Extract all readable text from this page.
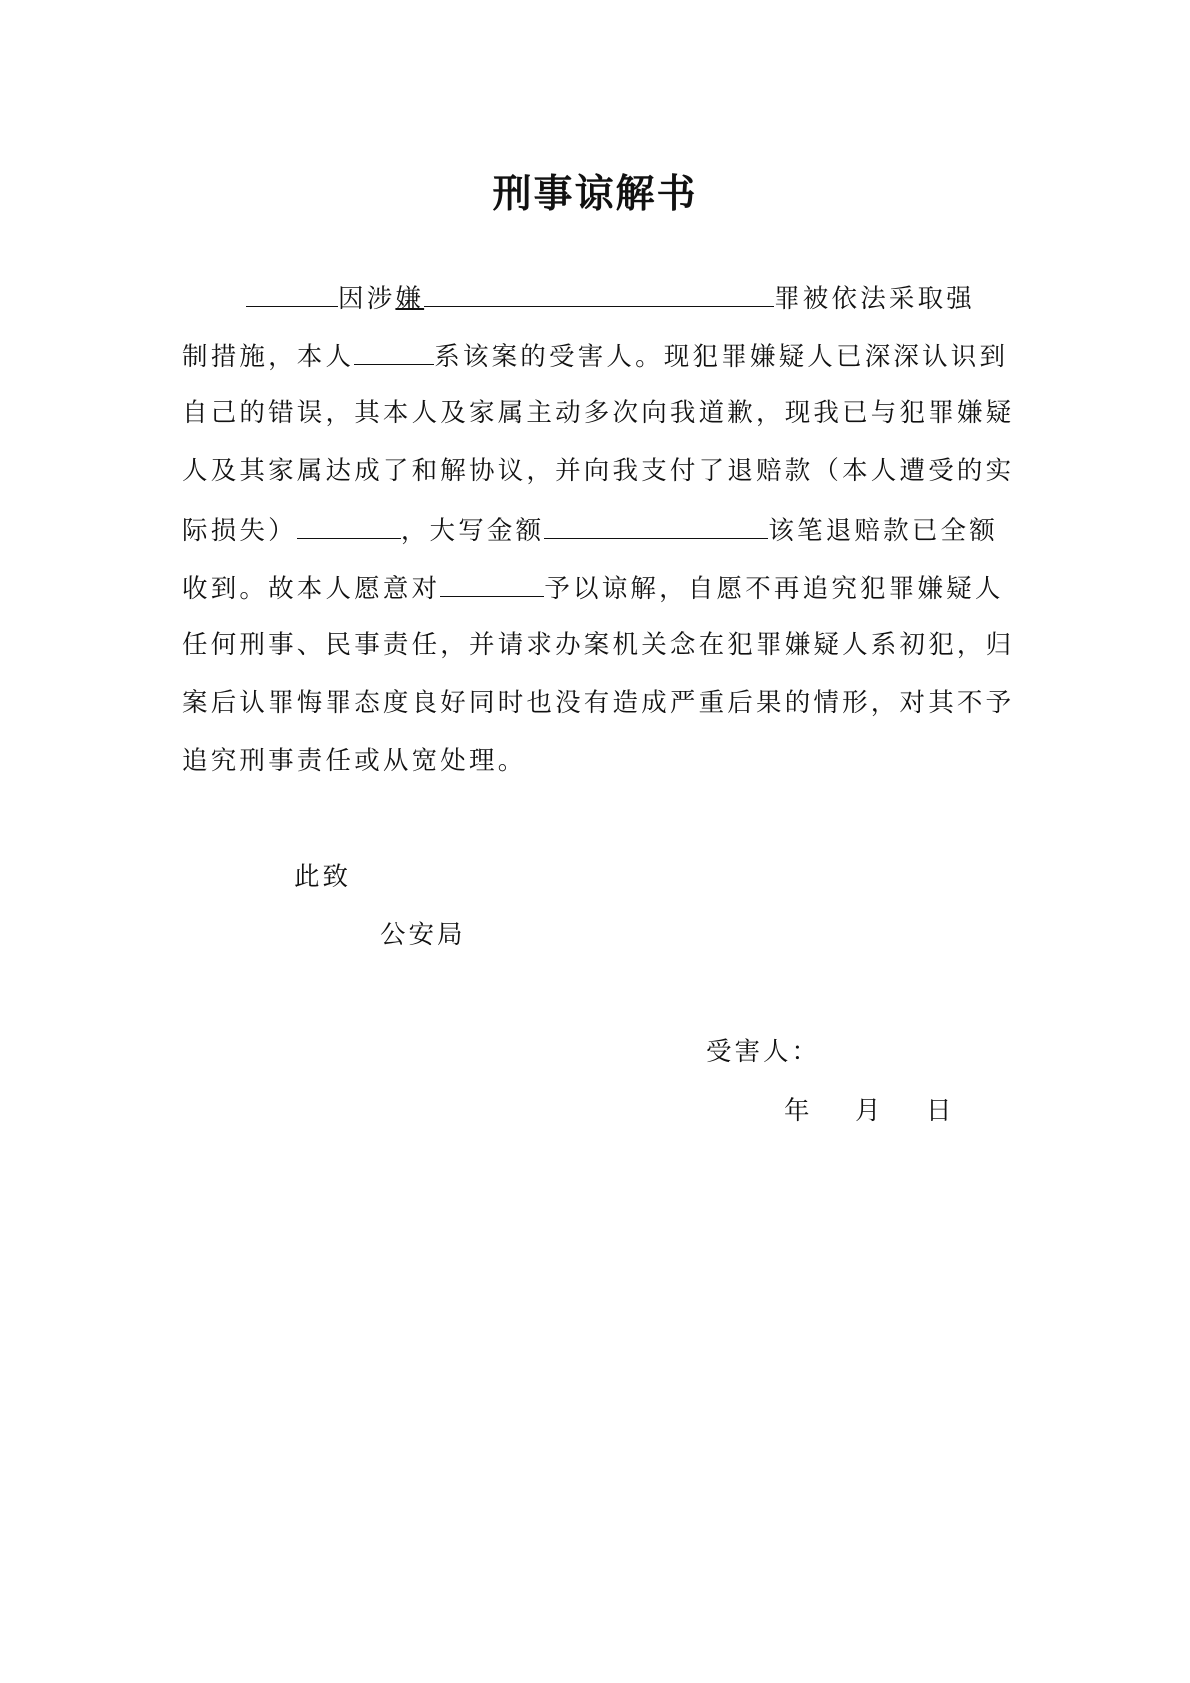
刑事谅解书
因涉嫌	罪被依法采取强
制措施，本人	系该案的受害人。现犯罪嫌疑人已深深认识到
自己的错误，其本人及家属主动多次向我道歉，现我已与犯罪嫌疑
人及其家属达成了和解协议，并向我支付了退赔款（本人遭受的实
际损失）	，大写金额	该笔退赔款已全额
收到。故本人愿意对	予以谅解，自愿不再追究犯罪嫌疑人
任何刑事、民事责任，并请求办案机关念在犯罪嫌疑人系初犯，归
案后认罪悔罪态度良好同时也没有造成严重后果的情形，对其不予
追究刑事责任或从宽处理。
此致
公安局
受害人：
年 月 日
